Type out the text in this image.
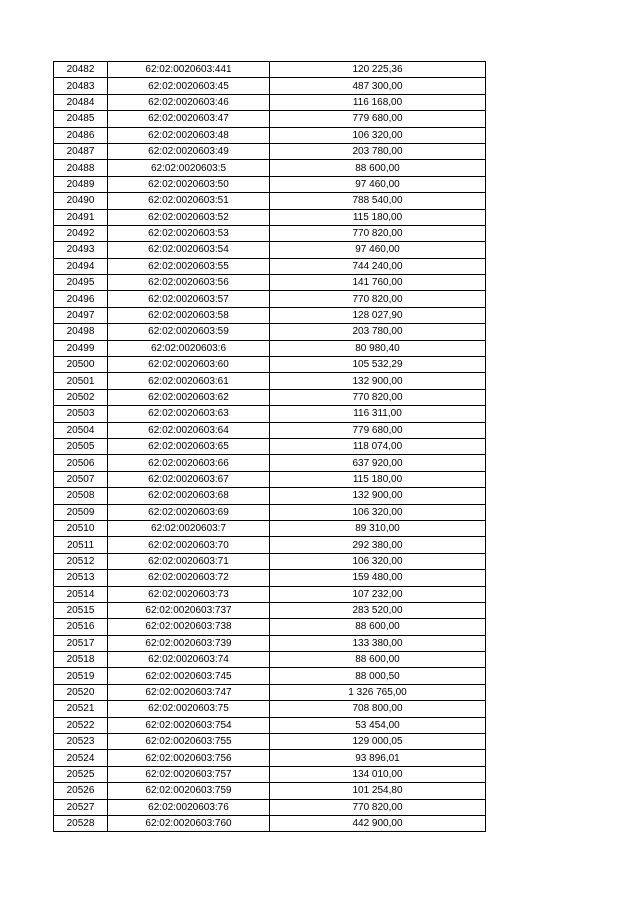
20482	62:02:0020603:441	120 225,36
20483	62:02:0020603:45	487 300,00
20484	62:02:0020603:46	116 168,00
20485	62:02:0020603:47	779 680,00
20486	62:02:0020603:48	106 320,00
20487	62:02:0020603:49	203 780,00
20488	62:02:0020603:5	88 600,00
20489	62:02:0020603:50	97 460,00
20490	62:02:0020603:51	788 540,00
20491	62:02:0020603:52	115 180,00
20492	62:02:0020603:53	770 820,00
20493	62:02:0020603:54	97 460,00
20494	62:02:0020603:55	744 240,00
20495	62:02:0020603:56	141 760,00
20496	62:02:0020603:57	770 820,00
20497	62:02:0020603:58	128 027,90
20498	62:02:0020603:59	203 780,00
20499	62:02:0020603:6	80 980,40
20500	62:02:0020603:60	105 532,29
20501	62:02:0020603:61	132 900,00
20502	62:02:0020603:62	770 820,00
20503	62:02:0020603:63	116 311,00
20504	62:02:0020603:64	779 680,00
20505	62:02:0020603:65	118 074,00
20506	62:02:0020603:66	637 920,00
20507	62:02:0020603:67	115 180,00
20508	62:02:0020603:68	132 900,00
20509	62:02:0020603:69	106 320,00
20510	62:02:0020603:7	89 310,00
20511	62:02:0020603:70	292 380,00
20512	62:02:0020603:71	106 320,00
20513	62:02:0020603:72	159 480,00
20514	62:02:0020603:73	107 232,00
20515	62:02:0020603:737	283 520,00
20516	62:02:0020603:738	88 600,00
20517	62:02:0020603:739	133 380,00
20518	62:02:0020603:74	88 600,00
20519	62:02:0020603:745	88 000,50
20520	62:02:0020603:747	1 326 765,00
20521	62:02:0020603:75	708 800,00
20522	62:02:0020603:754	53 454,00
20523	62:02:0020603:755	129 000,05
20524	62:02:0020603:756	93 896,01
20525	62:02:0020603:757	134 010,00
20526	62:02:0020603:759	101 254,80
20527	62:02:0020603:76	770 820,00
20528	62:02:0020603:760	442 900,00
